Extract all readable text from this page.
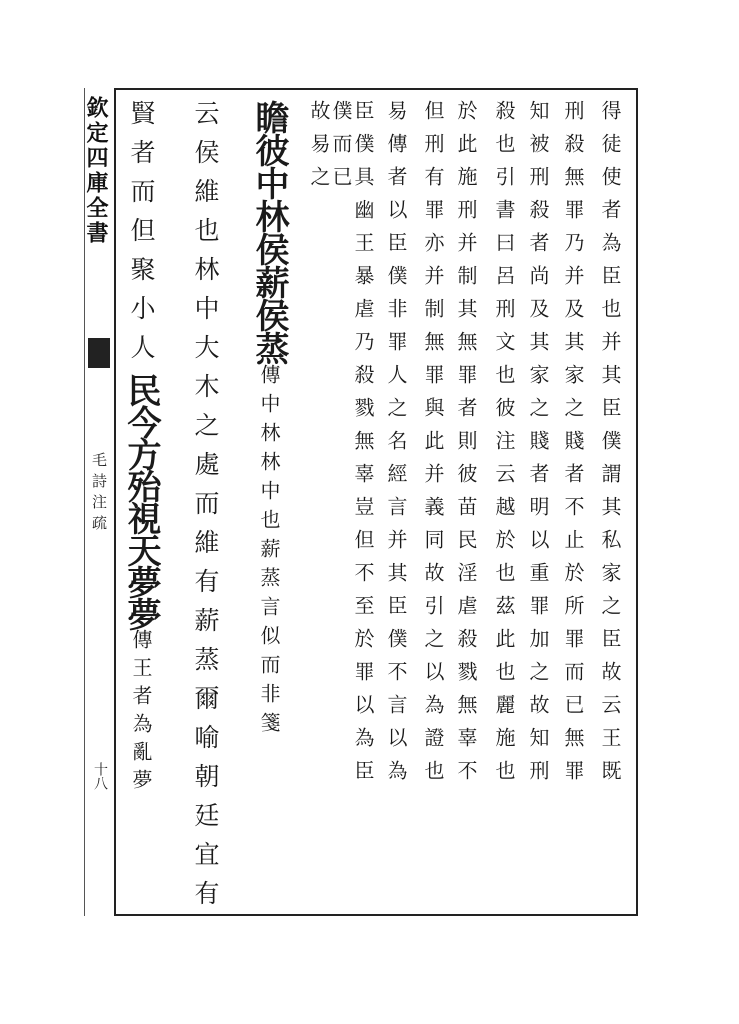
欽定四庫全書
毛詩注疏
十八	得徒使者為臣也并其臣僕謂其私家之臣故云王既
刑殺無罪乃并及其家之賤者不止於所罪而已無罪
知被刑殺者尚及其家之賤者明以重罪加之故知刑
殺也引書曰呂刑文也彼注云越於也茲此也麗施也
於此施刑并制其無罪者則彼苗民淫虐殺戮無辜不
但刑有罪亦并制無罪與此并義同故引之以為證也
易傳者以臣僕非罪人之名經言并其臣僕不言以為
臣僕具幽王暴虐乃殺戮無辜豈但不至於罪以為臣
僕而已
故易之
瞻彼中林侯薪侯蒸傳中林林中也薪蒸言似而非箋
云侯維也林中大木之處而維有薪蒸爾喻朝廷宜有
賢者而但聚小人民今方殆視天夢夢傳王者為亂夢
